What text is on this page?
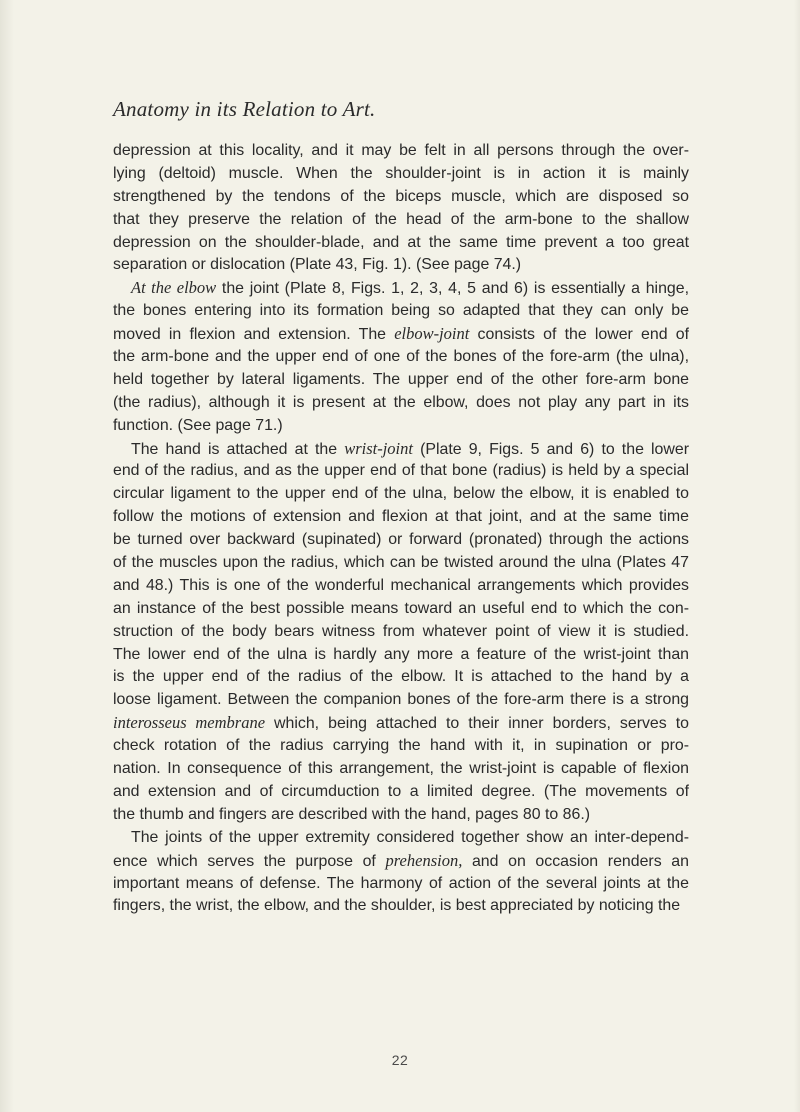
Anatomy in its Relation to Art.
depression at this locality, and it may be felt in all persons through the over-
lying (deltoid) muscle. When the shoulder-joint is in action it is mainly
strengthened by the tendons of the biceps muscle, which are disposed so
that they preserve the relation of the head of the arm-bone to the shallow
depression on the shoulder-blade, and at the same time prevent a too great
separation or dislocation (Plate 43, Fig. 1). (See page 74.)
At the elbow the joint (Plate 8, Figs. 1, 2, 3, 4, 5 and 6) is essentially a hinge,
the bones entering into its formation being so adapted that they can only be
moved in flexion and extension. The elbow-joint consists of the lower end of
the arm-bone and the upper end of one of the bones of the fore-arm (the ulna),
held together by lateral ligaments. The upper end of the other fore-arm bone
(the radius), although it is present at the elbow, does not play any part in its
function. (See page 71.)
The hand is attached at the wrist-joint (Plate 9, Figs. 5 and 6) to the lower
end of the radius, and as the upper end of that bone (radius) is held by a special
circular ligament to the upper end of the ulna, below the elbow, it is enabled to
follow the motions of extension and flexion at that joint, and at the same time
be turned over backward (supinated) or forward (pronated) through the actions
of the muscles upon the radius, which can be twisted around the ulna (Plates 47
and 48.) This is one of the wonderful mechanical arrangements which provides
an instance of the best possible means toward an useful end to which the con-
struction of the body bears witness from whatever point of view it is studied.
The lower end of the ulna is hardly any more a feature of the wrist-joint than
is the upper end of the radius of the elbow. It is attached to the hand by a
loose ligament. Between the companion bones of the fore-arm there is a strong
interosseus membrane which, being attached to their inner borders, serves to
check rotation of the radius carrying the hand with it, in supination or pro-
nation. In consequence of this arrangement, the wrist-joint is capable of flexion
and extension and of circumduction to a limited degree. (The movements of
the thumb and fingers are described with the hand, pages 80 to 86.)
The joints of the upper extremity considered together show an inter-depend-
ence which serves the purpose of prehension, and on occasion renders an
important means of defense. The harmony of action of the several joints at the
fingers, the wrist, the elbow, and the shoulder, is best appreciated by noticing the
22
